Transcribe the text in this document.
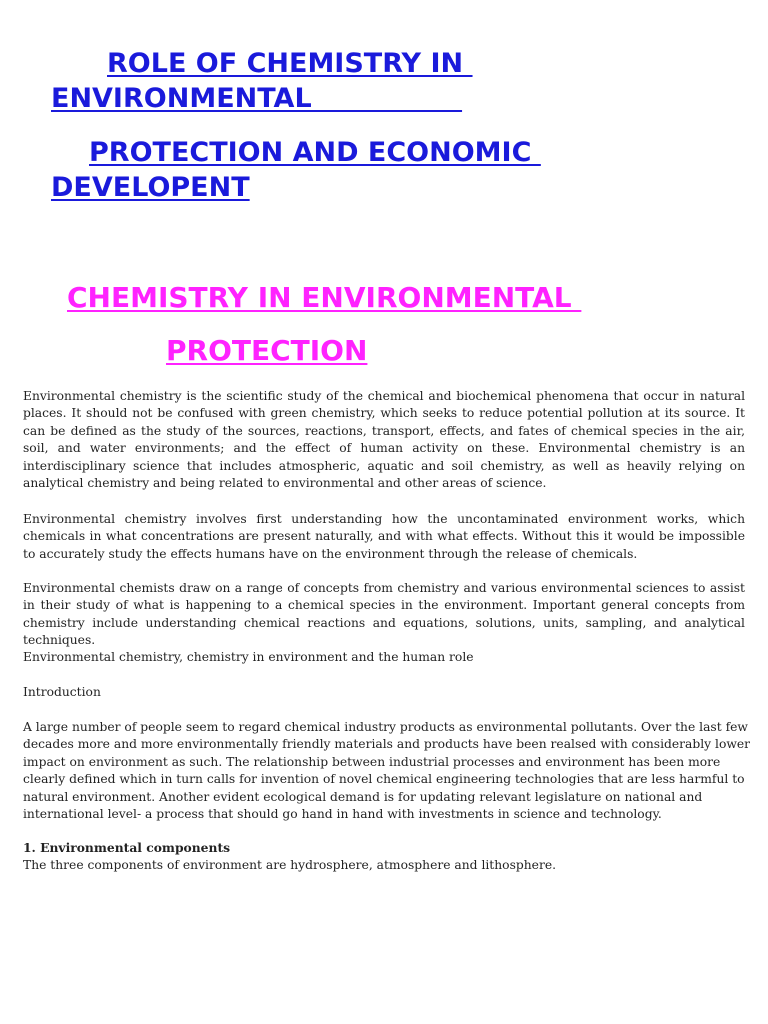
ROLE OF CHEMISTRY IN
ENVIRONMENTAL
PROTECTION AND ECONOMIC
DEVELOPENT
CHEMISTRY IN ENVIRONMENTAL
PROTECTION

Environmental chemistry is the scientific study of the chemical and biochemical phenomena that occur in natural places. It should not be confused with green chemistry, which seeks to reduce potential pollution at its source. It can be defined as the study of the sources, reactions, transport, effects, and fates of chemical species in the air, soil, and water environments; and the effect of human activity on these. Environmental chemistry is an interdisciplinary science that includes atmospheric, aquatic and soil chemistry, as well as heavily relying on analytical chemistry and being related to environmental and other areas of science.

Environmental chemistry involves first understanding how the uncontaminated environment works, which chemicals in what concentrations are present naturally, and with what effects. Without this it would be impossible to accurately study the effects humans have on the environment through the release of chemicals.

Environmental chemists draw on a range of concepts from chemistry and various environmental sciences to assist in their study of what is happening to a chemical species in the environment. Important general concepts from chemistry include understanding chemical reactions and equations, solutions, units, sampling, and analytical techniques.

Environmental chemistry, chemistry in environment and the human role

Introduction

A large number of people seem to regard chemical industry products as environmental pollutants. Over the last few decades more and more environmentally friendly materials and products have been realsed with considerably lower impact on environment as such. The relationship between industrial processes and environment has been more clearly defined which in turn calls for invention of novel chemical engineering technologies that are less harmful to natural environment. Another evident ecological demand is for updating relevant legislature on national and international level- a process that should go hand in hand with investments in science and technology.

1. Environmental components

The three components of environment are hydrosphere, atmosphere and lithosphere.
